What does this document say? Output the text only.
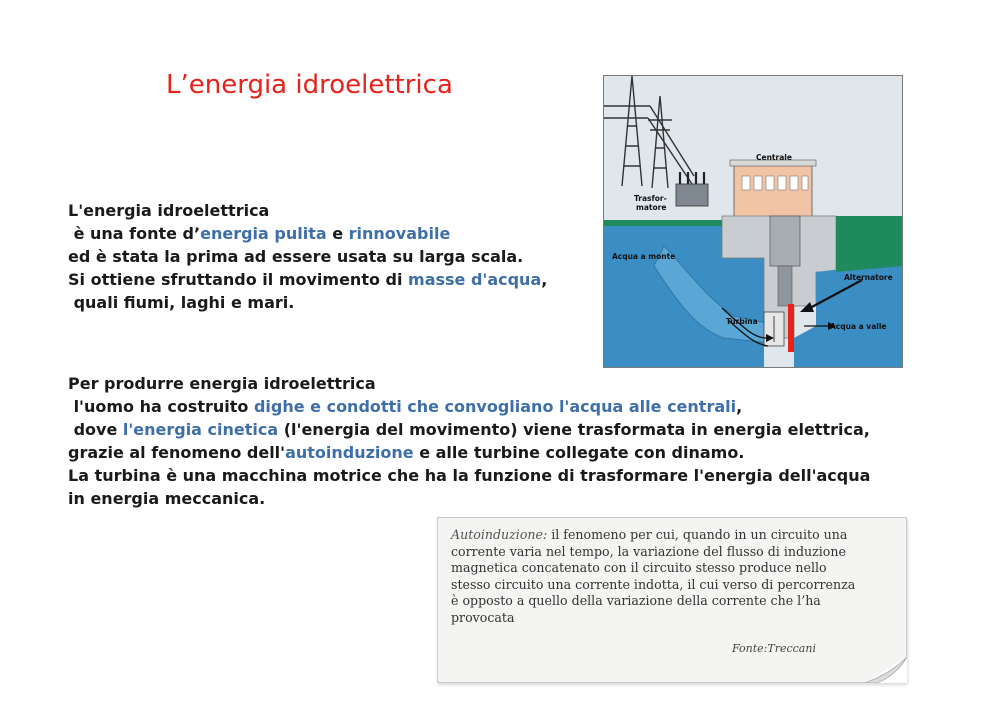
L’energia idroelettrica
L'energia idroelettrica
è una fonte d’energia pulita e rinnovabile
ed è stata la prima ad essere usata su larga scala.
Si ottiene sfruttando il movimento di masse d'acqua,
quali fiumi, laghi e mari.
Per produrre energia idroelettrica
l'uomo ha costruito dighe e condotti che convogliano l'acqua alle centrali,
dove l'energia cinetica (l'energia del movimento) viene trasformata in energia elettrica,
grazie al fenomeno dell'autoinduzione e alle turbine collegate con dinamo.
La turbina è una macchina motrice che ha la funzione di trasformare l'energia dell'acqua
in energia meccanica.
Centrale
Trasfor-
matore
Acqua a monte
Alternatore
Turbina
Acqua a valle
Autoinduzione: il fenomeno per cui, quando in un circuito una
corrente varia nel tempo, la variazione del flusso di induzione
magnetica concatenato con il circuito stesso produce nello
stesso circuito una corrente indotta, il cui verso di percorrenza
è opposto a quello della variazione della corrente che l’ha
provocata
Fonte:Treccani
